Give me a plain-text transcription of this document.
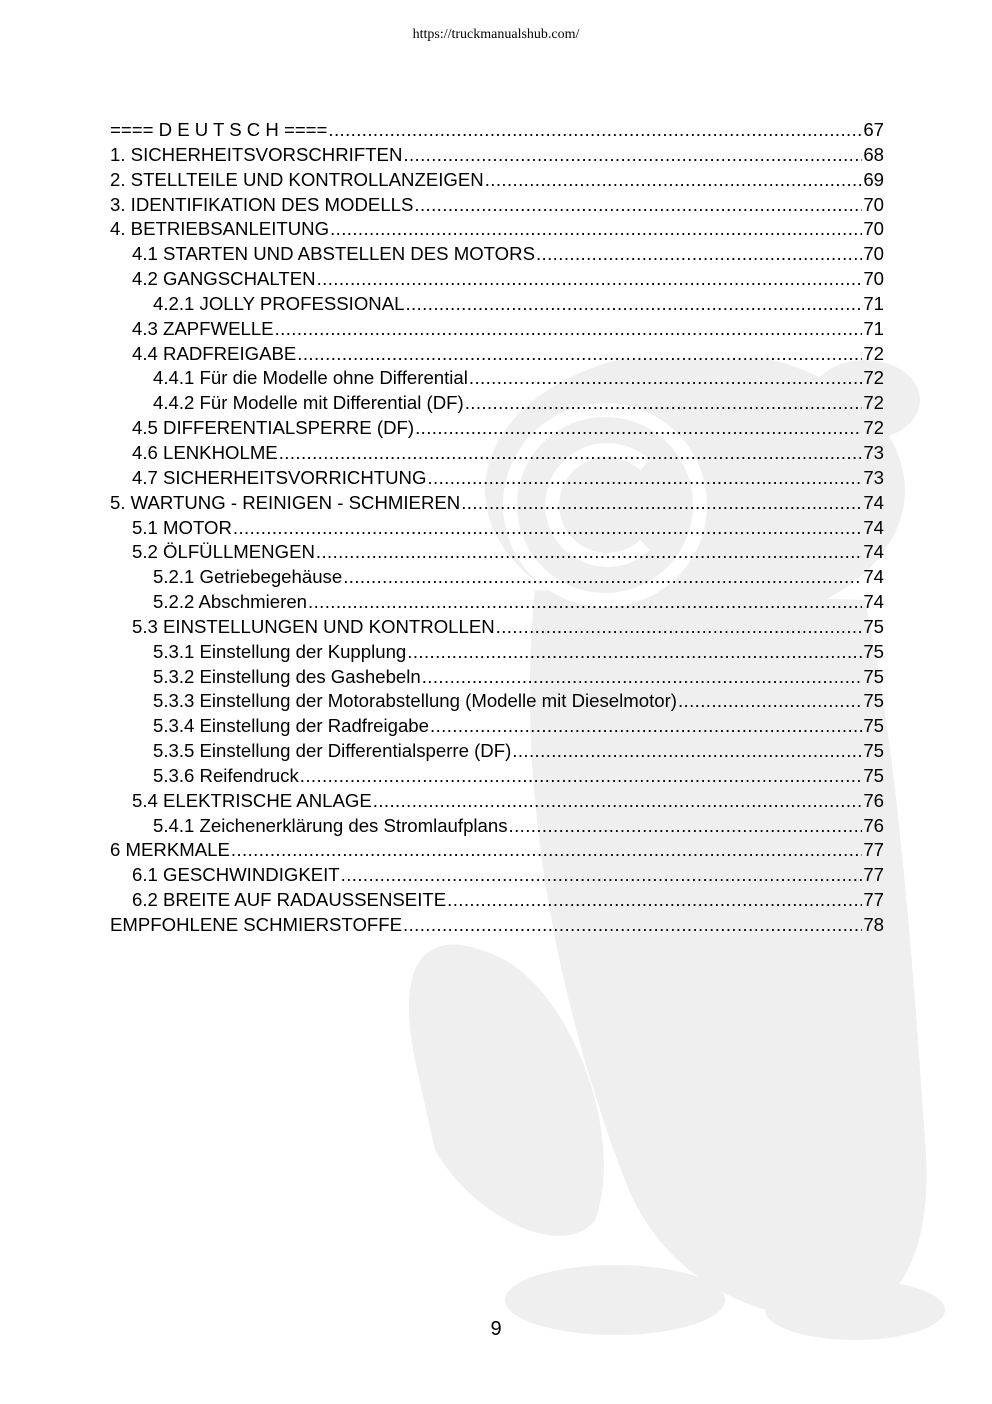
https://truckmanualshub.com/
==== D E U T S C H ==== .....	67
1. SICHERHEITSVORSCHRIFTEN .....	68
2. STELLTEILE UND KONTROLLANZEIGEN .....	69
3. IDENTIFIKATION DES MODELLS .....	70
4. BETRIEBSANLEITUNG .....	70
4.1 STARTEN UND ABSTELLEN DES MOTORS .....	70
4.2 GANGSCHALTEN .....	70
4.2.1 JOLLY PROFESSIONAL .....	71
4.3 ZAPFWELLE .....	71
4.4 RADFREIGABE .....	72
4.4.1 Für die Modelle ohne Differential .....	72
4.4.2 Für Modelle mit Differential (DF) .....	72
4.5 DIFFERENTIALSPERRE (DF) .....	72
4.6 LENKHOLME .....	73
4.7 SICHERHEITSVORRICHTUNG .....	73
5. WARTUNG - REINIGEN - SCHMIEREN .....	74
5.1 MOTOR .....	74
5.2 ÖLFÜLLMENGEN .....	74
5.2.1 Getriebegehäuse .....	74
5.2.2 Abschmieren .....	74
5.3 EINSTELLUNGEN UND KONTROLLEN .....	75
5.3.1 Einstellung der Kupplung .....	75
5.3.2 Einstellung des Gashebeln .....	75
5.3.3 Einstellung der Motorabstellung (Modelle mit Dieselmotor) .....	75
5.3.4 Einstellung der Radfreigabe .....	75
5.3.5 Einstellung der Differentialsperre (DF) .....	75
5.3.6 Reifendruck .....	75
5.4 ELEKTRISCHE ANLAGE .....	76
5.4.1 Zeichenerklärung des Stromlaufplans .....	76
6 MERKMALE .....	77
6.1 GESCHWINDIGKEIT .....	77
6.2 BREITE AUF RADAUSSENSEITE .....	77
EMPFOHLENE SCHMIERSTOFFE .....	78
9
